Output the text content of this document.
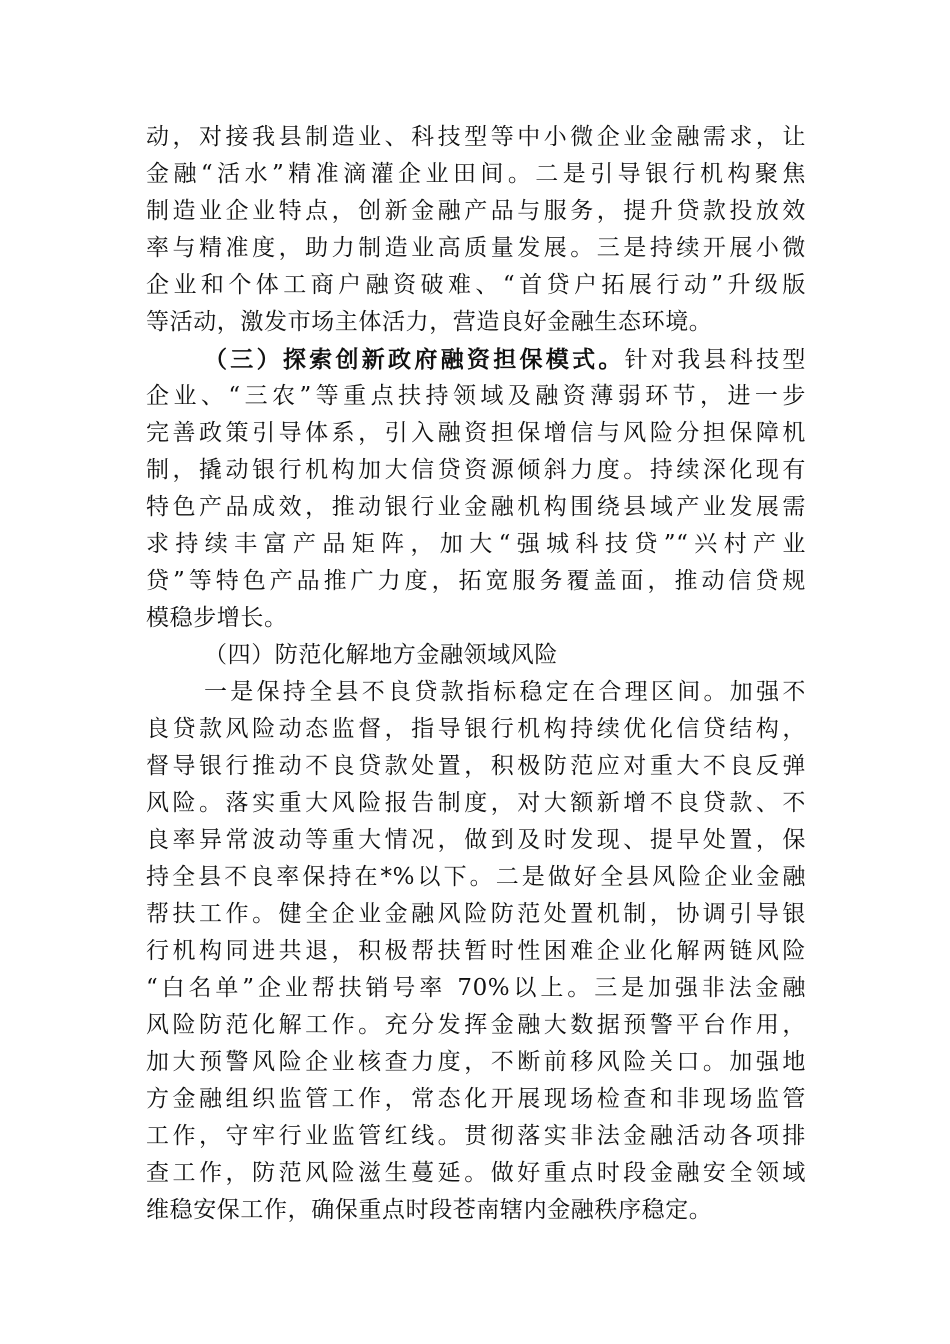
动，对接我县制造业、科技型等中小微企业金融需求，让
金融“活水”精准滴灌企业田间。二是引导银行机构聚焦
制造业企业特点，创新金融产品与服务，提升贷款投放效
率与精准度，助力制造业高质量发展。三是持续开展小微
企业和个体工商户融资破难、“首贷户拓展行动”升级版
等活动，激发市场主体活力，营造良好金融生态环境。
（三）探索创新政府融资担保模式。针对我县科技型
企业、“三农”等重点扶持领域及融资薄弱环节，进一步
完善政策引导体系，引入融资担保增信与风险分担保障机
制，撬动银行机构加大信贷资源倾斜力度。持续深化现有
特色产品成效，推动银行业金融机构围绕县域产业发展需
求持续丰富产品矩阵，加大“强城科技贷”“兴村产业
贷”等特色产品推广力度，拓宽服务覆盖面，推动信贷规
模稳步增长。
（四）防范化解地方金融领域风险
一是保持全县不良贷款指标稳定在合理区间。加强不
良贷款风险动态监督，指导银行机构持续优化信贷结构，
督导银行推动不良贷款处置，积极防范应对重大不良反弹
风险。落实重大风险报告制度，对大额新增不良贷款、不
良率异常波动等重大情况，做到及时发现、提早处置，保
持全县不良率保持在*%以下。二是做好全县风险企业金融
帮扶工作。健全企业金融风险防范处置机制，协调引导银
行机构同进共退，积极帮扶暂时性困难企业化解两链风险
“白名单”企业帮扶销号率 70%以上。三是加强非法金融
风险防范化解工作。充分发挥金融大数据预警平台作用，
加大预警风险企业核查力度，不断前移风险关口。加强地
方金融组织监管工作，常态化开展现场检查和非现场监管
工作，守牢行业监管红线。贯彻落实非法金融活动各项排
查工作，防范风险滋生蔓延。做好重点时段金融安全领域
维稳安保工作，确保重点时段苍南辖内金融秩序稳定。
